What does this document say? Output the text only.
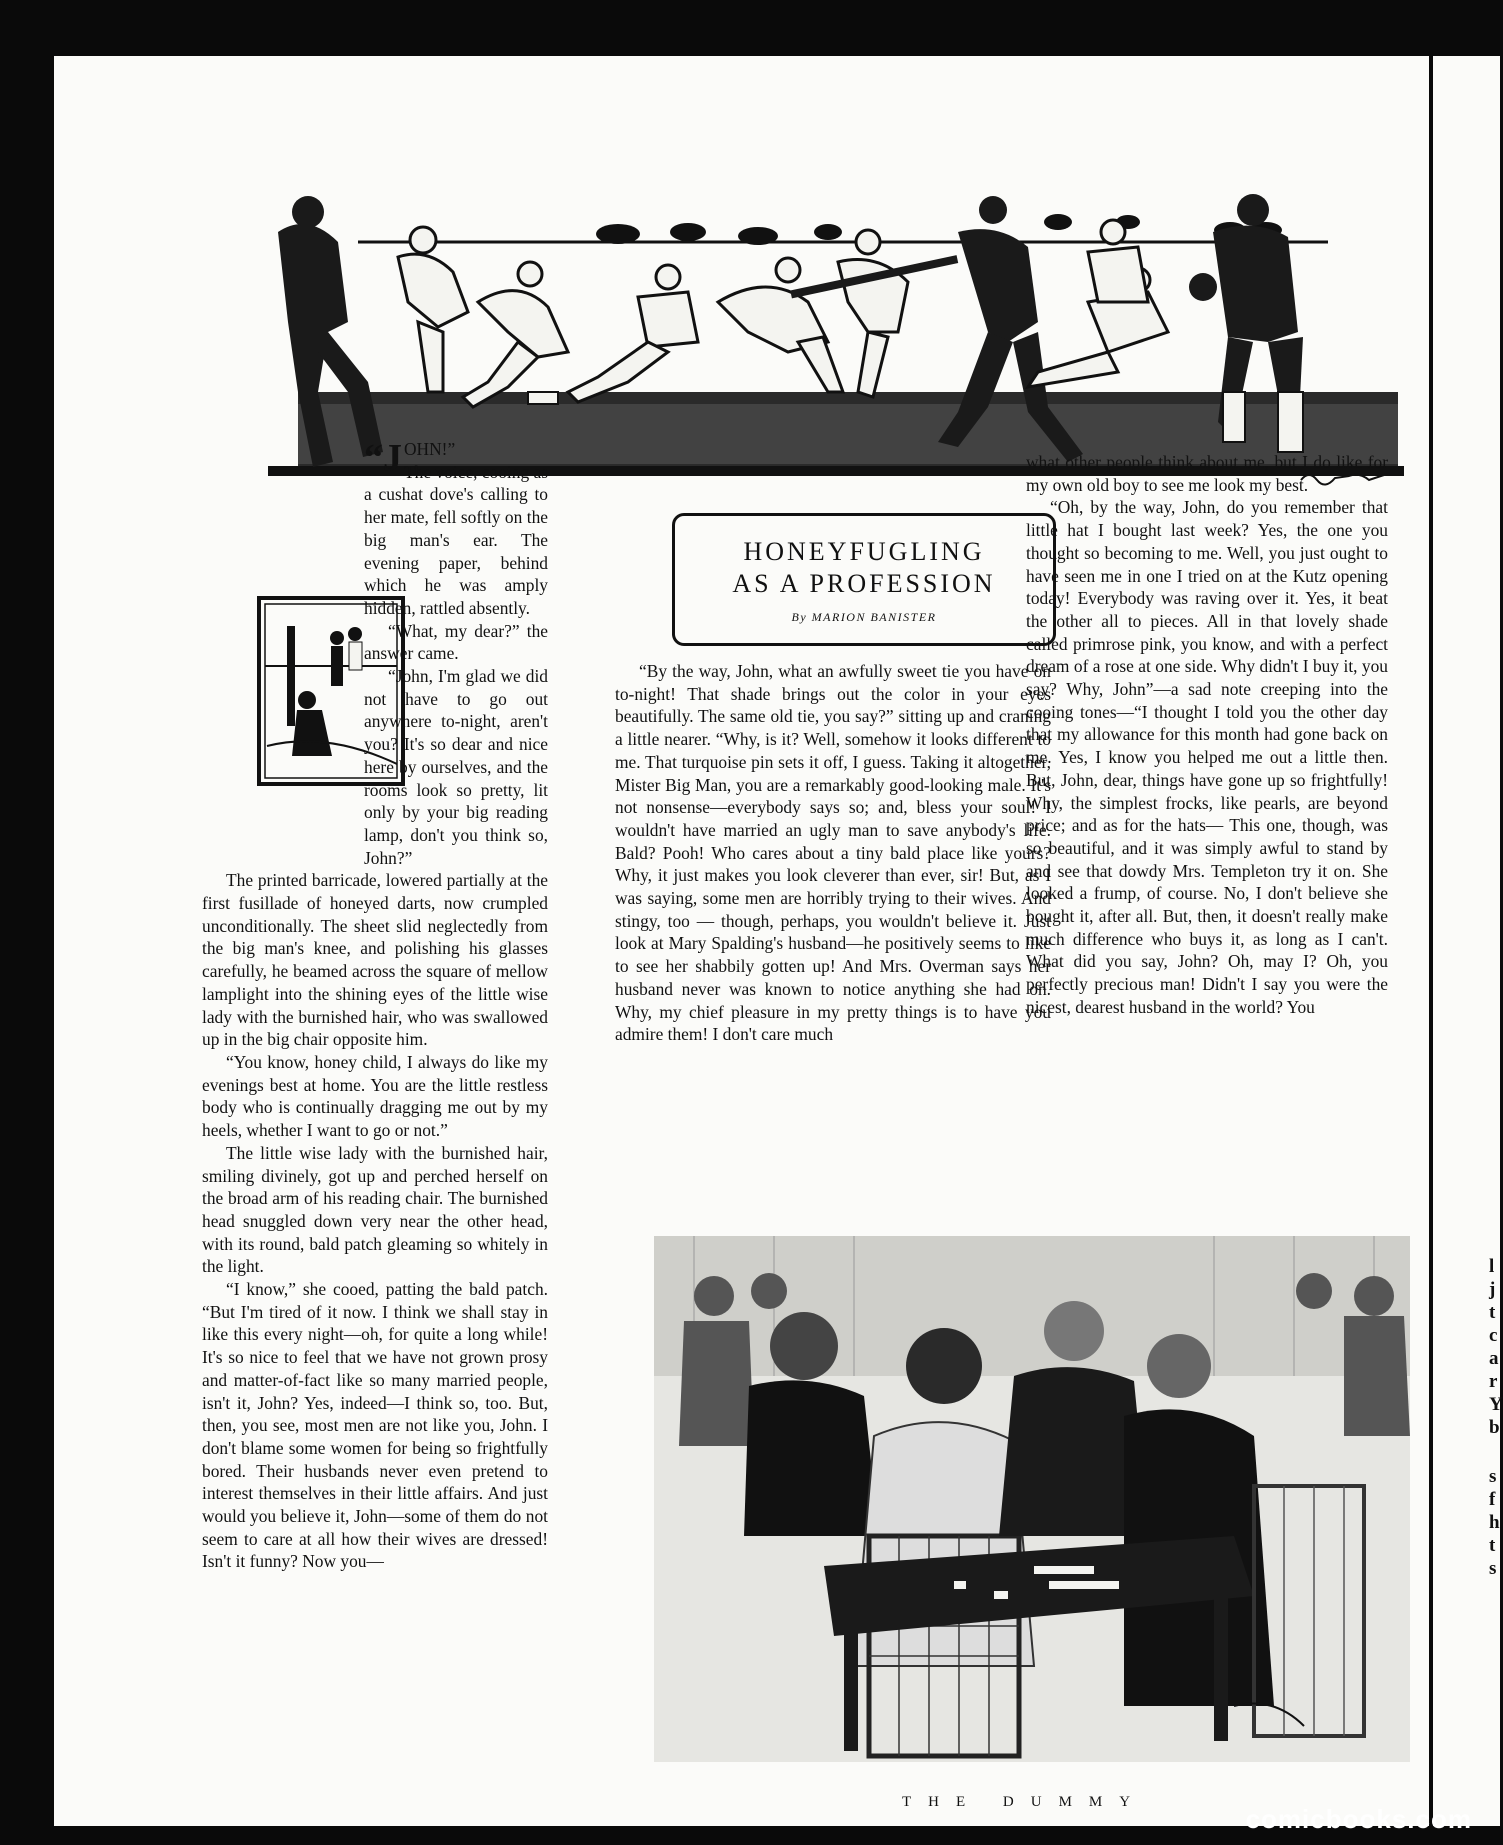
HONEYFUGLING
AS A PROFESSION
By MARION BANISTER

“By the way, John, what an awfully sweet tie you have on to-night! That shade brings out the color in your eyes beautifully. The same old tie, you say?” sitting up and craning a little nearer. “Why, is it? Well, somehow it looks different to me. That turquoise pin sets it off, I guess. Taking it altogether, Mister Big Man, you are a remarkably good-looking male. It's not nonsense—everybody says so; and, bless your soul! I wouldn't have married an ugly man to save anybody's life. Bald? Pooh! Who cares about a tiny bald place like yours? Why, it just makes you look cleverer than ever, sir! But, as I was saying, some men are horribly trying to their wives. And stingy, too — though, perhaps, you wouldn't believe it. Just look at Mary Spalding's husband—he positively seems to like to see her shabbily gotten up! And Mrs. Overman says her husband never was known to notice anything she had on. Why, my chief pleasure in my pretty things is to have you admire them! I don't care much

what other people think about me, but I do like for my own old boy to see me look my best.

“Oh, by the way, John, do you remember that little hat I bought last week? Yes, the one you thought so becoming to me. Well, you just ought to have seen me in one I tried on at the Kutz opening today! Everybody was raving over it. Yes, it beat the other all to pieces. All in that lovely shade called primrose pink, you know, and with a perfect dream of a rose at one side. Why didn't I buy it, you say? Why, John”—a sad note creeping into the cooing tones—“I thought I told you the other day that my allowance for this month had gone back on me. Yes, I know you helped me out a little then. But, John, dear, things have gone up so frightfully! Why, the simplest frocks, like pearls, are beyond price; and as for the hats— This one, though, was so beautiful, and it was simply awful to stand by and see that dowdy Mrs. Templeton try it on. She looked a frump, of course. No, I don't believe she bought it, after all. But, then, it doesn't really make much difference who buys it, as long as I can't. What did you say, John? Oh, may I? Oh, you perfectly precious man! Didn't I say you were the nicest, dearest husband in the world? You

THE DUMMY
l
j
t
c
a
r
Y
b
s
f
h
t
s
comicbooks.com

“JOHN!”
The voice, cooing as a cushat dove's calling to her mate, fell softly on the big man's ear. The evening paper, behind which he was amply hidden, rattled absently.

“What, my dear?” the answer came.

“John, I'm glad we did not have to go out anywhere to-night, aren't you? It's so dear and nice here by ourselves, and the rooms look so pretty, lit only by your big reading lamp, don't you think so, John?”

The printed barricade, lowered partially at the first fusillade of honeyed darts, now crumpled unconditionally. The sheet slid neglectedly from the big man's knee, and polishing his glasses carefully, he beamed across the square of mellow lamplight into the shining eyes of the little wise lady with the burnished hair, who was swallowed up in the big chair opposite him.

“You know, honey child, I always do like my evenings best at home. You are the little restless body who is continually dragging me out by my heels, whether I want to go or not.”

The little wise lady with the burnished hair, smiling divinely, got up and perched herself on the broad arm of his reading chair. The burnished head snuggled down very near the other head, with its round, bald patch gleaming so whitely in the light.

“I know,” she cooed, patting the bald patch. “But I'm tired of it now. I think we shall stay in like this every night—oh, for quite a long while! It's so nice to feel that we have not grown prosy and matter-of-fact like so many married people, isn't it, John? Yes, indeed—I think so, too. But, then, you see, most men are not like you, John. I don't blame some women for being so frightfully bored. Their husbands never even pretend to interest themselves in their little affairs. And just would you believe it, John—some of them do not seem to care at all how their wives are dressed! Isn't it funny? Now you—
